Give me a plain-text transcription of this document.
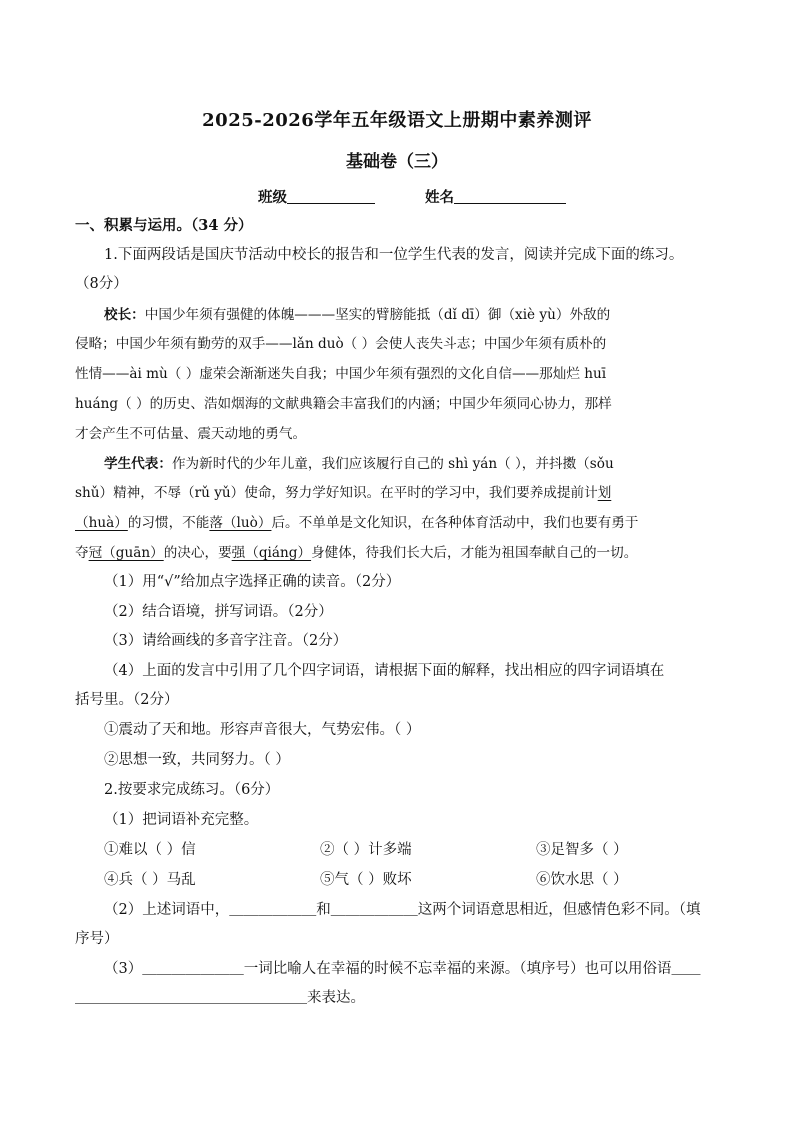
2025-2026学年五年级语文上册期中素养测评
基础卷（三）
班级	姓名
一、积累与运用。（34 分）
1.下面两段话是国庆节活动中校长的报告和一位学生代表的发言，阅读并完成下面的练习。
（8分）
校长：中国少年须有强健的体魄———坚实的臂膀能抵（dǐ dī）御（xiè yù）外敌的
侵略；中国少年须有勤劳的双手——lǎn duò（ ）会使人丧失斗志；中国少年须有质朴的
性情——ài mù（ ）虚荣会渐渐迷失自我；中国少年须有强烈的文化自信——那灿烂 huī
huáng（ ）的历史、浩如烟海的文献典籍会丰富我们的内涵；中国少年须同心协力，那样
才会产生不可估量、震天动地的勇气。
学生代表：作为新时代的少年儿童，我们应该履行自己的 shì yán（ ），并抖擞（sǒu
shǔ）精神，不辱（rǔ yǔ）使命，努力学好知识。在平时的学习中，我们要养成提前计划
（huà）的习惯，不能落（luò）后。不单单是文化知识，在各种体育活动中，我们也要有勇于
夺冠（guān）的决心，要强（qiáng）身健体，待我们长大后，才能为祖国奉献自己的一切。
（1）用“√”给加点字选择正确的读音。（2分）
（2）结合语境，拼写词语。（2分）
（3）请给画线的多音字注音。（2分）
（4）上面的发言中引用了几个四字词语，请根据下面的解释，找出相应的四字词语填在
括号里。（2分）
①震动了天和地。形容声音很大，气势宏伟。（ ）
②思想一致，共同努力。（ ）
2.按要求完成练习。（6分）
（1）把词语补充完整。
①难以（ ）信	②（ ）计多端	③足智多（ ）
④兵（ ）马乱	⑤气（ ）败坏	⑥饮水思（ ）
（2）上述词语中，＿＿＿＿＿＿和＿＿＿＿＿＿这两个词语意思相近，但感情色彩不同。（填
序号）
（3）＿＿＿＿＿＿＿一词比喻人在幸福的时候不忘幸福的来源。（填序号）也可以用俗语＿＿
＿＿＿＿＿＿＿＿＿＿＿＿＿＿＿＿来表达。
